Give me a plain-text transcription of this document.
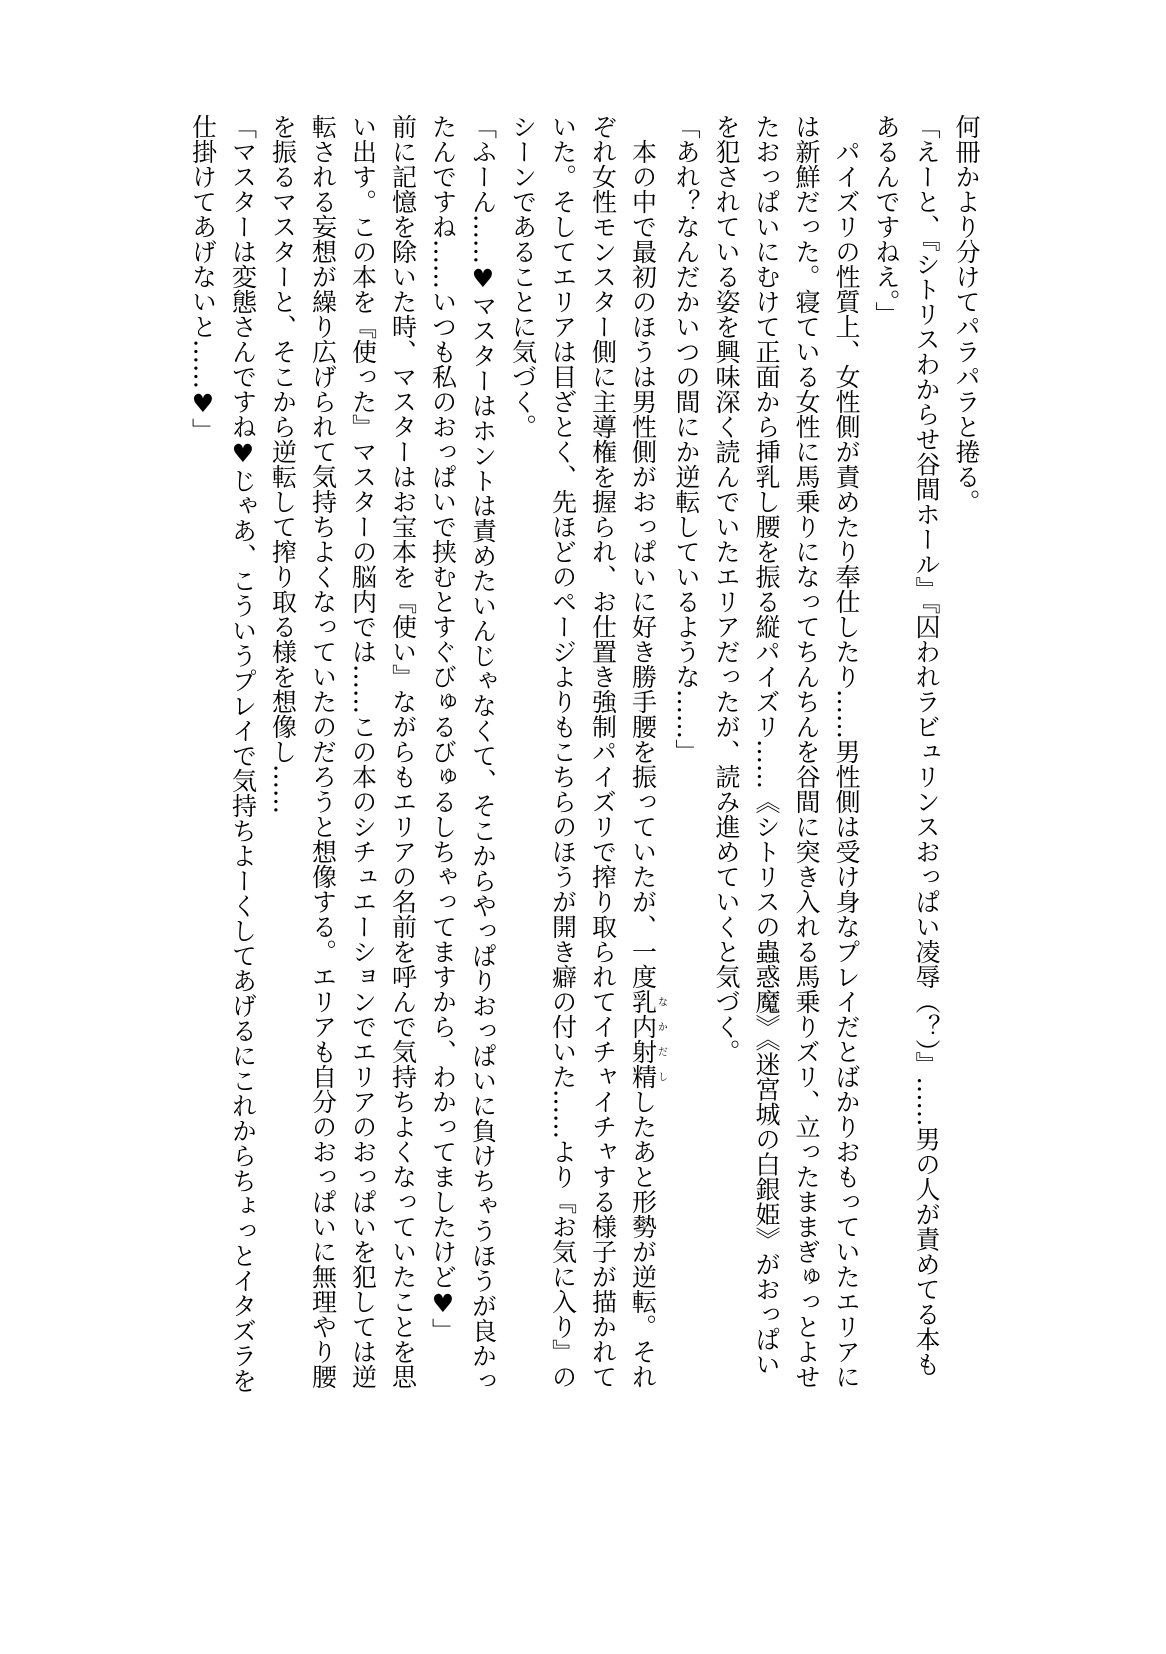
何冊かより分けてパラパラと捲る。

「えーと、『シトリスわからせ谷間ホール』『囚われラビュリンスおっぱい凌辱（？）』……男の人が責めてる本もあるんですねえ。」

　パイズリの性質上、女性側が責めたり奉仕したり……男性側は受け身なプレイだとばかりおもっていたエリアには新鮮だった。寝ている女性に馬乗りになってちんちんを谷間に突き入れる馬乗りズリ、立ったままぎゅっとよせたおっぱいにむけて正面から挿乳し腰を振る縦パイズリ……《シトリスの蟲惑魔》《迷宮城の白銀姫》がおっぱいを犯されている姿を興味深く読んでいたエリアだったが、読み進めていくと気づく。

「あれ？なんだかいつの間にか逆転しているような……」

　本の中で最初のほうは男性側がおっぱいに好き勝手腰を振っていたが、一度乳内射精なかだししたあと形勢が逆転。それぞれ女性モンスター側に主導権を握られ、お仕置き強制パイズリで搾り取られてイチャイチャする様子が描かれていた。そしてエリアは目ざとく、先ほどのページよりもこちらのほうが開き癖の付いた……より『お気に入り』のシーンであることに気づく。

「ふーん……♥マスターはホントは責めたいんじゃなくて、そこからやっぱりおっぱいに負けちゃうほうが良かったんですね……いつも私のおっぱいで挟むとすぐびゅるびゅるしちゃってますから、わかってましたけど♥」

前に記憶を除いた時、マスターはお宝本を『使い』ながらもエリアの名前を呼んで気持ちよくなっていたことを思い出す。この本を『使った』マスターの脳内では……この本のシチュエーションでエリアのおっぱいを犯しては逆転される妄想が繰り広げられて気持ちよくなっていたのだろうと想像する。エリアも自分のおっぱいに無理やり腰を振るマスターと、そこから逆転して搾り取る様を想像し……

「マスターは変態さんですね♥じゃあ、こういうプレイで気持ちよーくしてあげるにこれからちょっとイタズラを仕掛けてあげないと……♥」
